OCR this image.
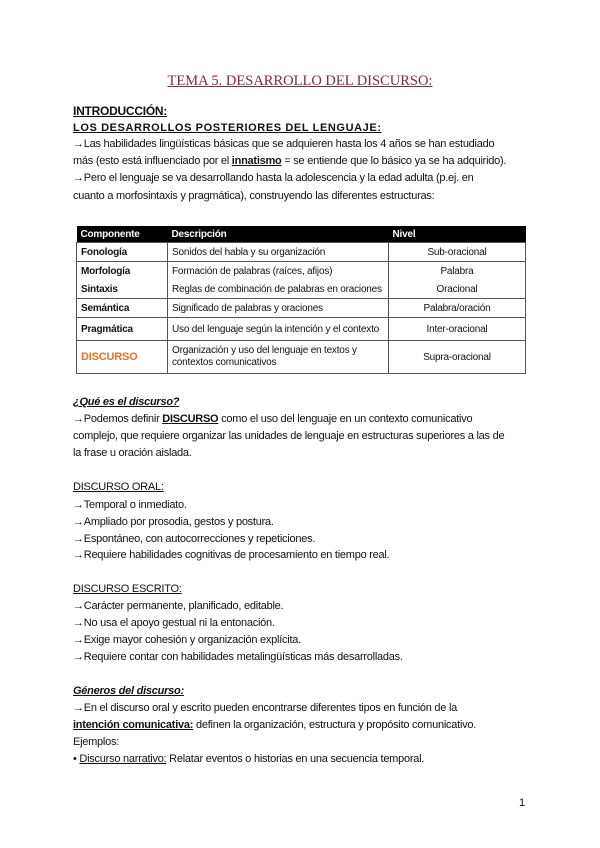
TEMA 5. DESARROLLO DEL DISCURSO:
INTRODUCCIÓN:
LOS DESARROLLOS POSTERIORES DEL LENGUAJE:
→Las habilidades lingüísticas básicas que se adquieren hasta los 4 años se han estudiado
más (esto está influenciado por el innatismo = se entiende que lo básico ya se ha adquirido).
→Pero el lenguaje se va desarrollando hasta la adolescencia y la edad adulta (p.ej. en
cuanto a morfosintaxis y pragmática), construyendo las diferentes estructuras:
Componente	Descripción	Nivel
Fonología	Sonidos del habla y su organización	Sub-oracional
Morfología	Formación de palabras (raíces, afijos)	Palabra
Sintaxis	Reglas de combinación de palabras en oraciones	Oracional
Semántica	Significado de palabras y oraciones	Palabra/oración
Pragmática	Uso del lenguaje según la intención y el contexto	Inter-oracional
DISCURSO	Organización y uso del lenguaje en textos y contextos comunicativos	Supra-oracional
¿Qué es el discurso?
→Podemos definir DISCURSO como el uso del lenguaje en un contexto comunicativo
complejo, que requiere organizar las unidades de lenguaje en estructuras superiores a las de
la frase u oración aislada.
DISCURSO ORAL:
→Temporal o inmediato.
→Ampliado por prosodia, gestos y postura.
→Espontáneo, con autocorrecciones y repeticiones.
→Requiere habilidades cognitivas de procesamiento en tiempo real.
DISCURSO ESCRITO:
→Carácter permanente, planificado, editable.
→No usa el apoyo gestual ni la entonación.
→Exige mayor cohesión y organización explícita.
→Requiere contar con habilidades metalingüísticas más desarrolladas.
Géneros del discurso:
→En el discurso oral y escrito pueden encontrarse diferentes tipos en función de la
intención comunicativa: definen la organización, estructura y propósito comunicativo.
Ejemplos:
• Discurso narrativo: Relatar eventos o historias en una secuencia temporal.
1
